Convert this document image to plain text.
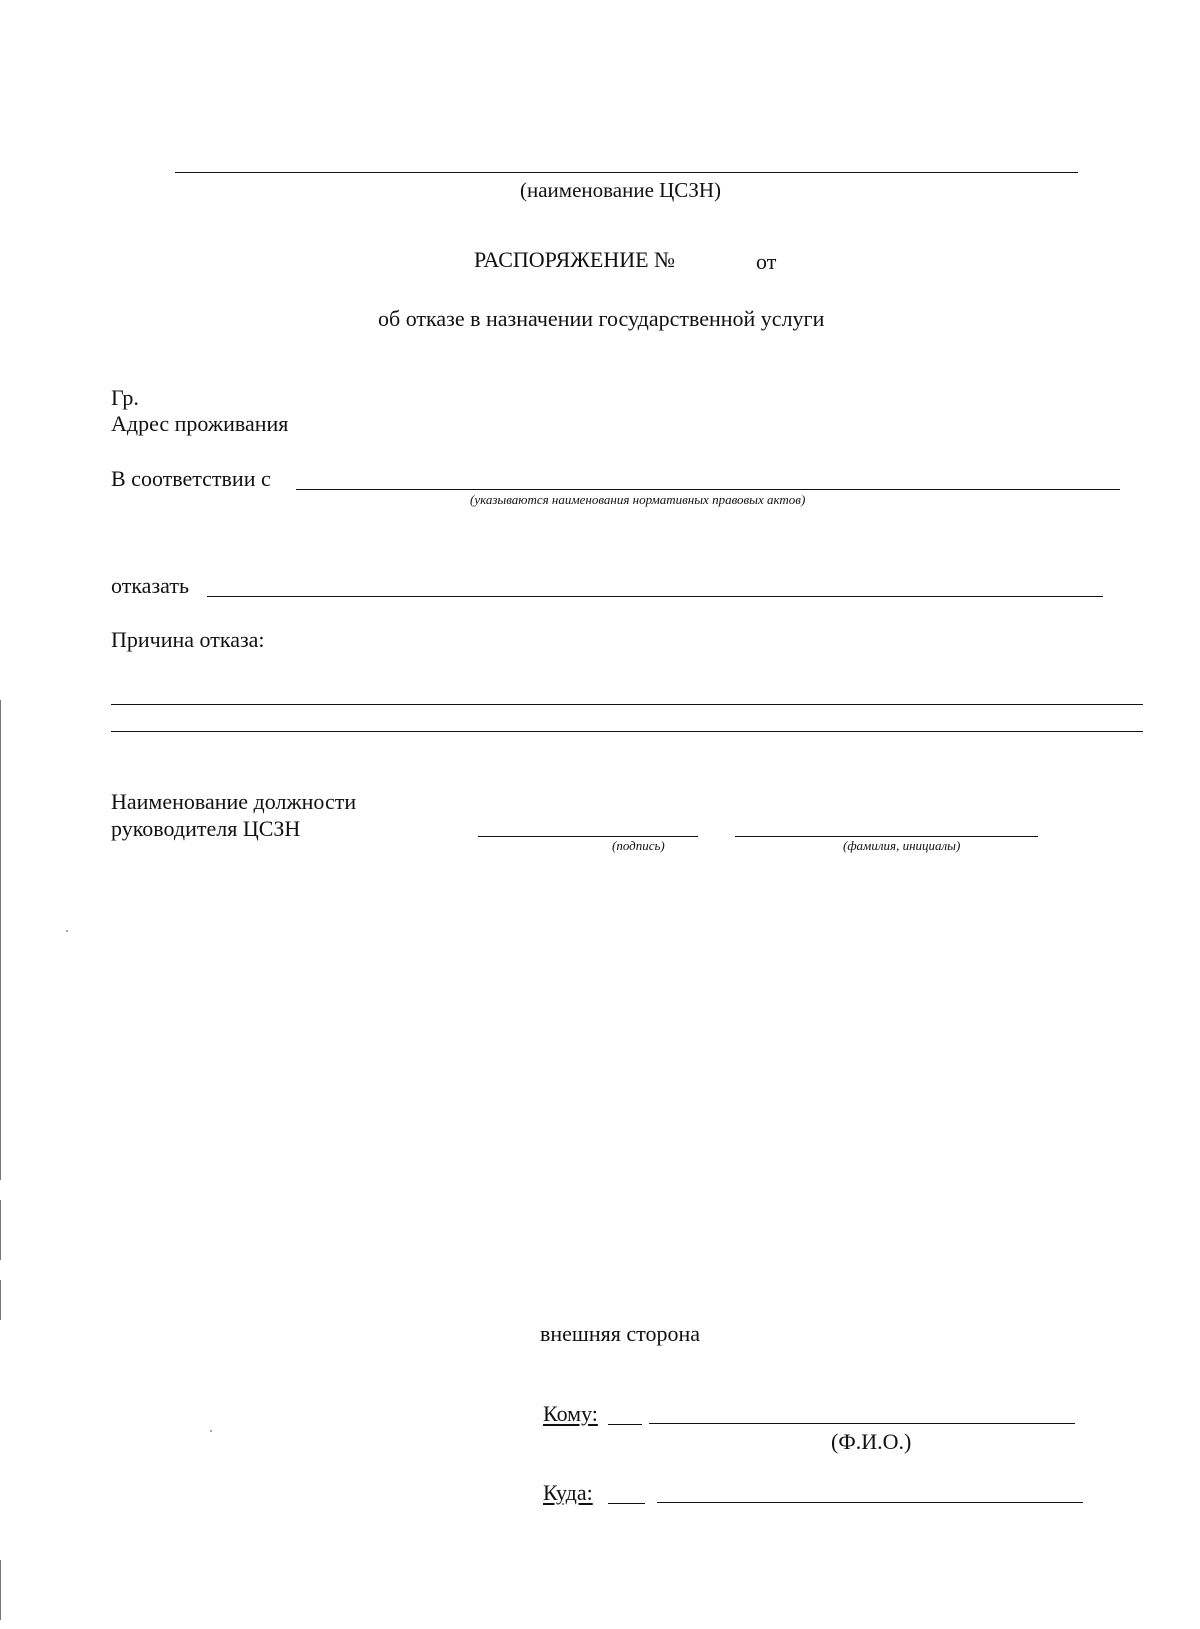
(наименование ЦСЗН)
РАСПОРЯЖЕНИЕ №	от
об отказе в назначении государственной услуги
Гр.
Адрес проживания
В соответствии с
(указываются наименования нормативных правовых актов)
отказать
Причина отказа:
Наименование должности
руководителя ЦСЗН
(подпись)	(фамилия, инициалы)
внешняя сторона
Кому:
(Ф.И.О.)
Куда:
